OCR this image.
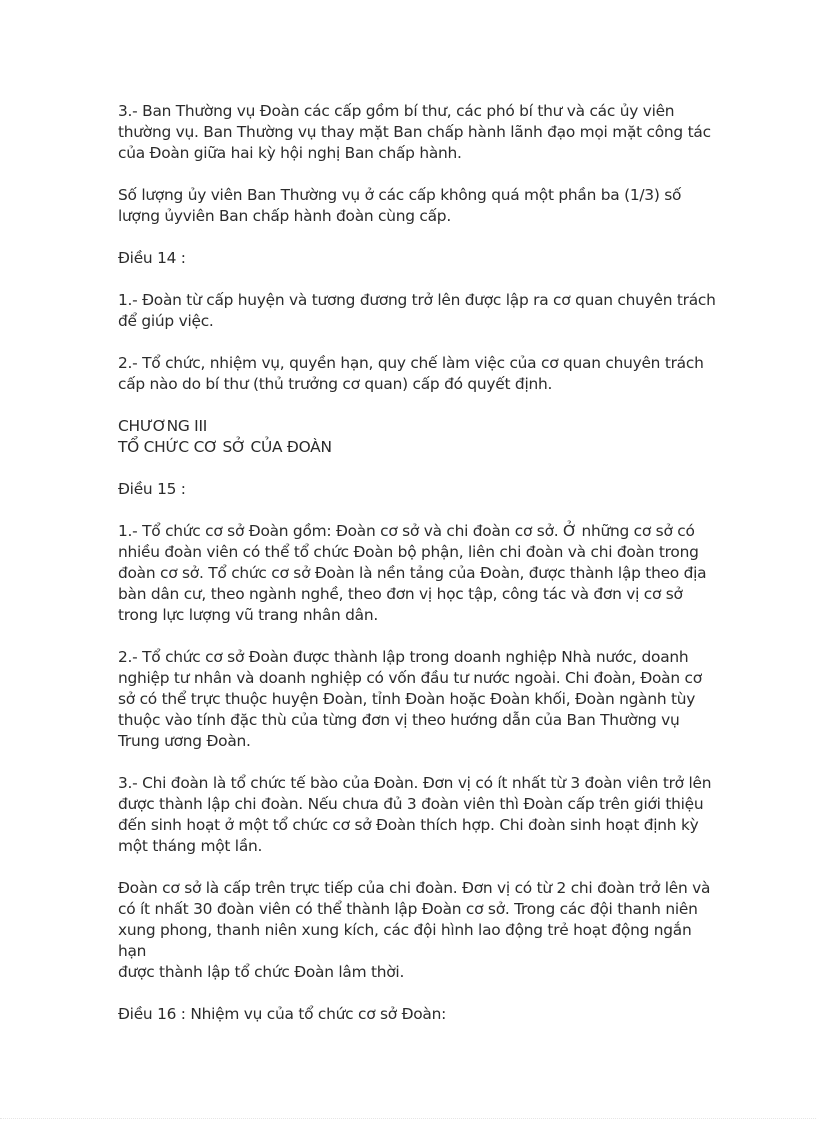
3.- Ban Thường vụ Đoàn các cấp gồm bí thư, các phó bí thư và các ủy viên
thường vụ. Ban Thường vụ thay mặt Ban chấp hành lãnh đạo mọi mặt công tác
của Đoàn giữa hai kỳ hội nghị Ban chấp hành.

Số lượng ủy viên Ban Thường vụ ở các cấp không quá một phần ba (1/3) số
lượng ủyviên Ban chấp hành đoàn cùng cấp.

Điều 14 :

1.- Đoàn từ cấp huyện và tương đương trở lên được lập ra cơ quan chuyên trách
để giúp việc.

2.- Tổ chức, nhiệm vụ, quyền hạn, quy chế làm việc của cơ quan chuyên trách
cấp nào do bí thư (thủ trưởng cơ quan) cấp đó quyết định.

CHƯƠNG III
TỔ CHỨC CƠ SỞ CỦA ĐOÀN

Điều 15 :

1.- Tổ chức cơ sở Đoàn gồm: Đoàn cơ sở và chi đoàn cơ sở. Ở những cơ sở có
nhiều đoàn viên có thể tổ chức Đoàn bộ phận, liên chi đoàn và chi đoàn trong
đoàn cơ sở. Tổ chức cơ sở Đoàn là nền tảng của Đoàn, được thành lập theo địa
bàn dân cư, theo ngành nghề, theo đơn vị học tập, công tác và đơn vị cơ sở
trong lực lượng vũ trang nhân dân.

2.- Tổ chức cơ sở Đoàn được thành lập trong doanh nghiệp Nhà nước, doanh
nghiệp tư nhân và doanh nghiệp có vốn đầu tư nước ngoài. Chi đoàn, Đoàn cơ
sở có thể trực thuộc huyện Đoàn, tỉnh Đoàn hoặc Đoàn khối, Đoàn ngành tùy
thuộc vào tính đặc thù của từng đơn vị theo hướng dẫn của Ban Thường vụ
Trung ương Đoàn.

3.- Chi đoàn là tổ chức tế bào của Đoàn. Đơn vị có ít nhất từ 3 đoàn viên trở lên
được thành lập chi đoàn. Nếu chưa đủ 3 đoàn viên thì Đoàn cấp trên giới thiệu
đến sinh hoạt ở một tổ chức cơ sở Đoàn thích hợp. Chi đoàn sinh hoạt định kỳ
một tháng một lần.

Đoàn cơ sở là cấp trên trực tiếp của chi đoàn. Đơn vị có từ 2 chi đoàn trở lên và
có ít nhất 30 đoàn viên có thể thành lập Đoàn cơ sở. Trong các đội thanh niên
xung phong, thanh niên xung kích, các đội hình lao động trẻ hoạt động ngắn hạn
được thành lập tổ chức Đoàn lâm thời.

Điều 16 : Nhiệm vụ của tổ chức cơ sở Đoàn:
